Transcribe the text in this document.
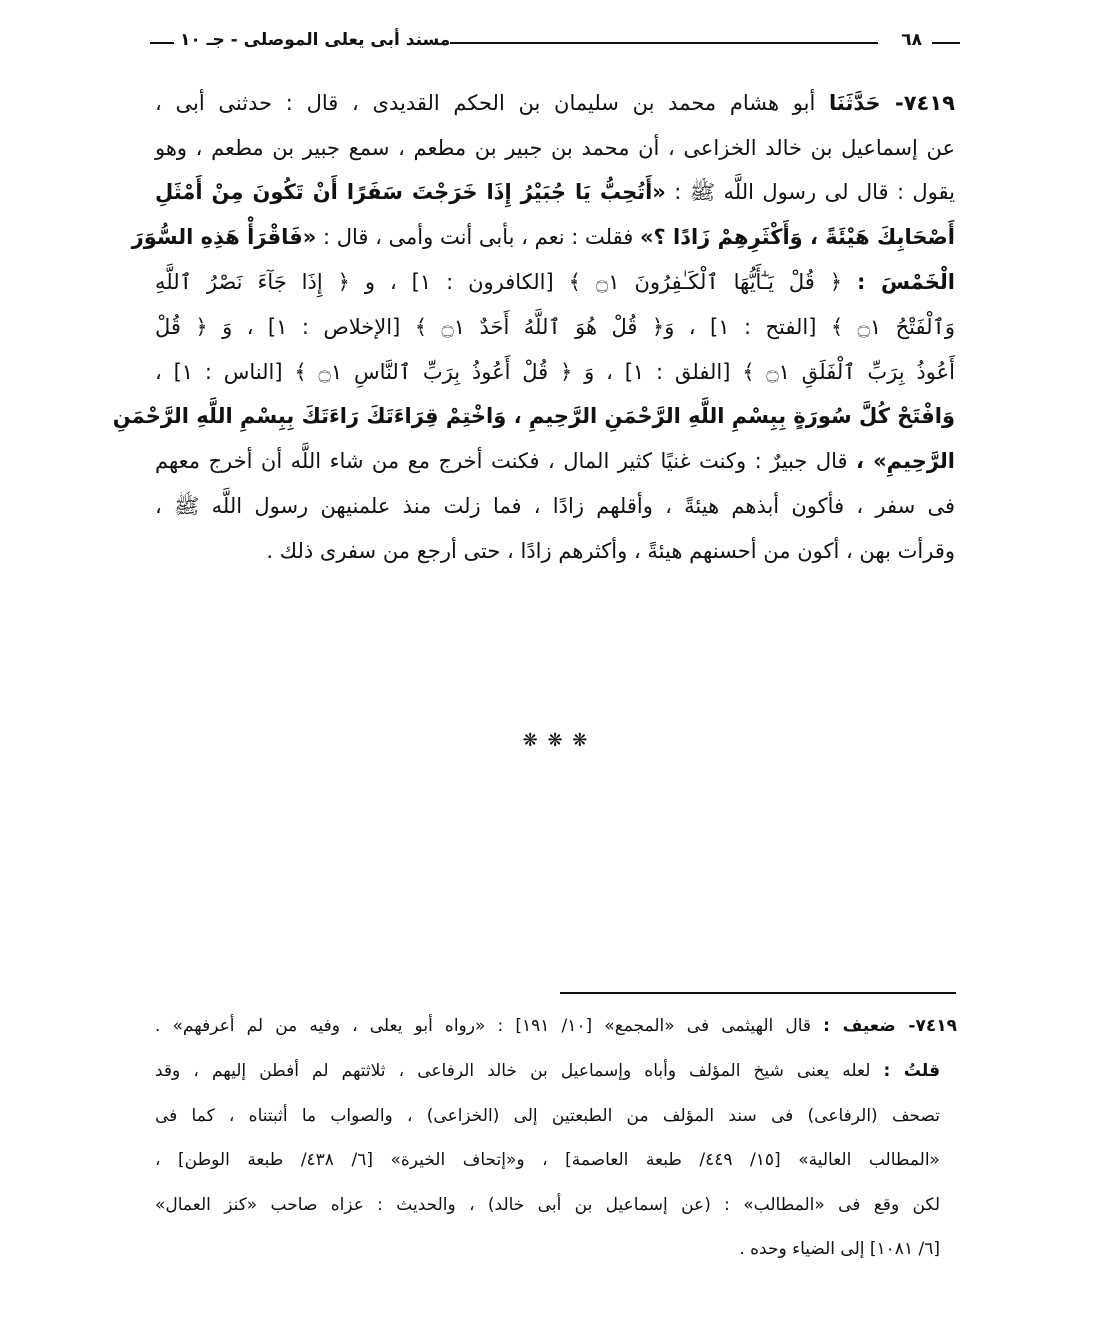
٦٨
مسند أبى يعلى الموصلى - جـ ١٠
٧٤١٩- حَدَّثَنَا أبو هشام محمد بن سليمان بن الحكم القديدى ، قال : حدثنى أبى ،
عن إسماعيل بن خالد الخزاعى ، أن محمد بن جبير بن مطعم ، سمع جبير بن مطعم ، وهو
يقول : قال لى رسول اللَّه ﷺ : «أَتُحِبُّ يَا جُبَيْرُ إِذَا خَرَجْتَ سَفَرًا أَنْ تَكُونَ مِنْ أَمْثَلِ
أَصْحَابِكَ هَيْئَةً ، وَأَكْثَرِهِمْ زَادًا ؟» فقلت : نعم ، بأبى أنت وأمى ، قال : «فَاقْرَأْ هَذِهِ السُّوَرَ
الْخَمْسَ : ﴿ قُلْ يَـٰٓأَيُّهَا ٱلْكَـٰفِرُونَ ۝١ ﴾ [الكافرون : ١] ، و ﴿ إِذَا جَآءَ نَصْرُ ٱللَّهِ
وَٱلْفَتْحُ ۝١ ﴾ [الفتح : ١] ، وَ﴿ قُلْ هُوَ ٱللَّهُ أَحَدٌ ۝١ ﴾ [الإخلاص : ١] ، وَ ﴿ قُلْ
أَعُوذُ بِرَبِّ ٱلْفَلَقِ ۝١ ﴾ [الفلق : ١] ، وَ ﴿ قُلْ أَعُوذُ بِرَبِّ ٱلنَّاسِ ۝١ ﴾ [الناس : ١] ،
وَافْتَحْ كُلَّ سُورَةٍ بِبِسْمِ اللَّهِ الرَّحْمَنِ الرَّحِيمِ ، وَاخْتِمْ قِرَاءَتَكَ رَاءَتَكَ بِبِسْمِ اللَّهِ الرَّحْمَنِ
الرَّحِيمِ» ، قال جبيرٌ : وكنت غنيًا كثير المال ، فكنت أخرج مع من شاء اللَّه أن أخرج معهم
فى سفر ، فأكون أبذهم هيئةً ، وأقلهم زادًا ، فما زلت منذ علمنيهن رسول اللَّه ﷺ ،
وقرأت بهن ، أكون من أحسنهم هيئةً ، وأكثرهم زادًا ، حتى أرجع من سفرى ذلك .
❋ ❋ ❋
٧٤١٩- ضعيف : قال الهيثمى فى «المجمع» [١٠/ ١٩١] : «رواه أبو يعلى ، وفيه من لم أعرفهم» .
قلتُ : لعله يعنى شيخ المؤلف وأباه وإسماعيل بن خالد الرفاعى ، ثلاثتهم لم أفطن إليهم ، وقد
تصحف (الرفاعى) فى سند المؤلف من الطبعتين إلى (الخزاعى) ، والصواب ما أثبتناه ، كما فى
«المطالب العالية» [١٥/ ٤٤٩/ طبعة العاصمة] ، و«إتحاف الخيرة» [٦/ ٤٣٨/ طبعة الوطن] ،
لكن وقع فى «المطالب» : (عن إسماعيل بن أبى خالد) ، والحديث : عزاه صاحب «كنز العمال»
[٦/ ١٠٨١] إلى الضياء وحده .
